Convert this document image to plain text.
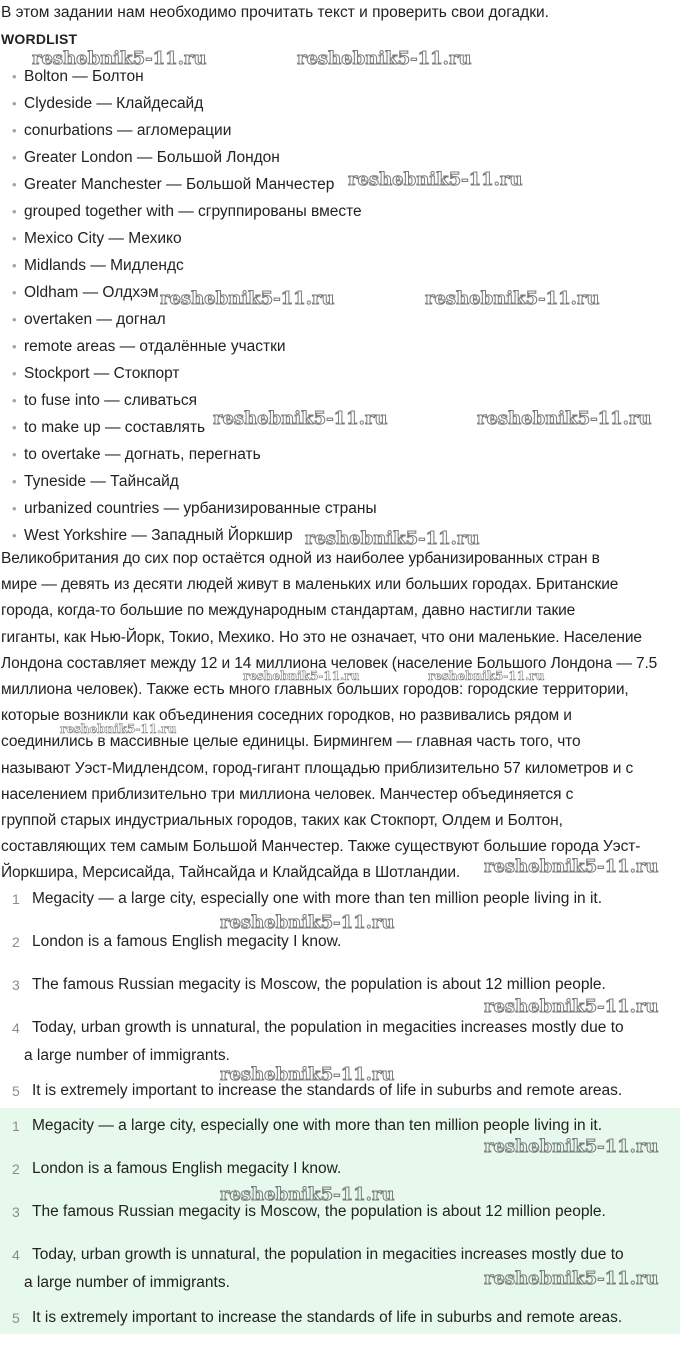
В этом задании нам необходимо прочитать текст и проверить свои догадки.
WORDLIST
• Bolton — Болтон
• Clydeside — Клайдесайд
• conurbations — агломерации
• Greater London — Большой Лондон
• Greater Manchester — Большой Манчестер
• grouped together with — сгруппированы вместе
• Mexico City — Мехико
• Midlands — Мидлендс
• Oldham — Олдхэм
• overtaken — догнал
• remote areas — отдалённые участки
• Stockport — Стокпорт
• to fuse into — сливаться
• to make up — составлять
• to overtake — догнать, перегнать
• Tyneside — Тайнсайд
• urbanized countries — урбанизированные страны
• West Yorkshire — Западный Йоркшир
Великобритания до сих пор остаётся одной из наиболее урбанизированных стран в
мире — девять из десяти людей живут в маленьких или больших городах. Британские
города, когда-то большие по международным стандартам, давно настигли такие
гиганты, как Нью-Йорк, Токио, Мехико. Но это не означает, что они маленькие. Население
Лондона составляет между 12 и 14 миллиона человек (население Большого Лондона — 7.5
миллиона человек). Также есть много главных больших городов: городские территории,
которые возникли как объединения соседних городков, но развивались рядом и
соединились в массивные целые единицы. Бирмингем — главная часть того, что
называют Уэст-Мидлендсом, город-гигант площадью приблизительно 57 километров и с
населением приблизительно три миллиона человек. Манчестер объединяется с
группой старых индустриальных городов, таких как Стокпорт, Олдем и Болтон,
составляющих тем самым Большой Манчестер. Также существуют большие города Уэст-
Йоркшира, Мерсисайда, Тайнсайда и Клайдсайда в Шотландии.
1 Megacity — a large city, especially one with more than ten million people living in it.
2 London is a famous English megacity I know.
3 The famous Russian megacity is Moscow, the population is about 12 million people.
4 Today, urban growth is unnatural, the population in megacities increases mostly due to
a large number of immigrants.
5 It is extremely important to increase the standards of life in suburbs and remote areas.
1 Megacity — a large city, especially one with more than ten million people living in it.
2 London is a famous English megacity I know.
3 The famous Russian megacity is Moscow, the population is about 12 million people.
4 Today, urban growth is unnatural, the population in megacities increases mostly due to
a large number of immigrants.
5 It is extremely important to increase the standards of life in suburbs and remote areas.
reshebnik5-11.ru	reshebnik5-11.ru
reshebnik5-11.ru
reshebnik5-11.ru	reshebnik5-11.ru
reshebnik5-11.ru	reshebnik5-11.ru
reshebnik5-11.ru
reshebnik5-11.ru	reshebnik5-11.ru
reshebnik5-11.ru
reshebnik5-11.ru
reshebnik5-11.ru
reshebnik5-11.ru
reshebnik5-11.ru
